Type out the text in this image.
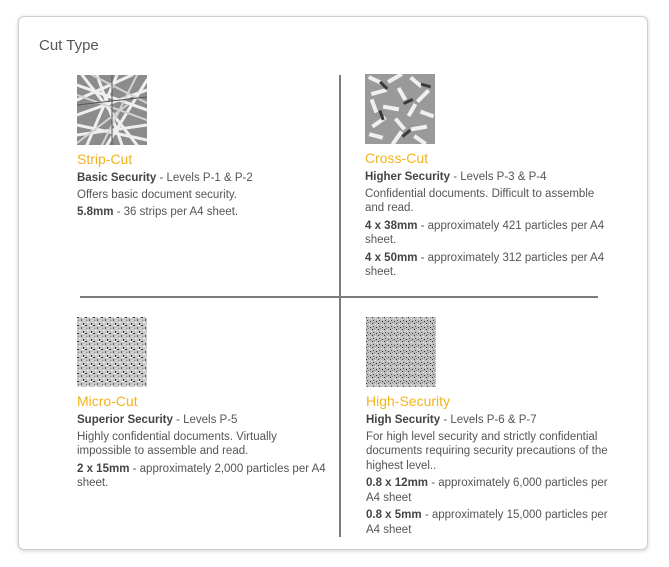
Cut Type
Strip-Cut
Basic Security - Levels P-1 & P-2
Offers basic document security.
5.8mm - 36 strips per A4 sheet.
Cross-Cut
Higher Security - Levels P-3 & P-4
Confidential documents. Difficult to assemble and read.
4 x 38mm - approximately 421 particles per A4 sheet.
4 x 50mm - approximately 312 particles per A4 sheet.
Micro-Cut
Superior Security - Levels P-5
Highly confidential documents. Virtually impossible to assemble and read.
2 x 15mm - approximately 2,000 particles per A4 sheet.
High-Security
High Security - Levels P-6 & P-7
For high level security and strictly confidential documents requiring security precautions of the highest level..
0.8 x 12mm - approximately 6,000 particles per A4 sheet
0.8 x 5mm - approximately 15,000 particles per A4 sheet
